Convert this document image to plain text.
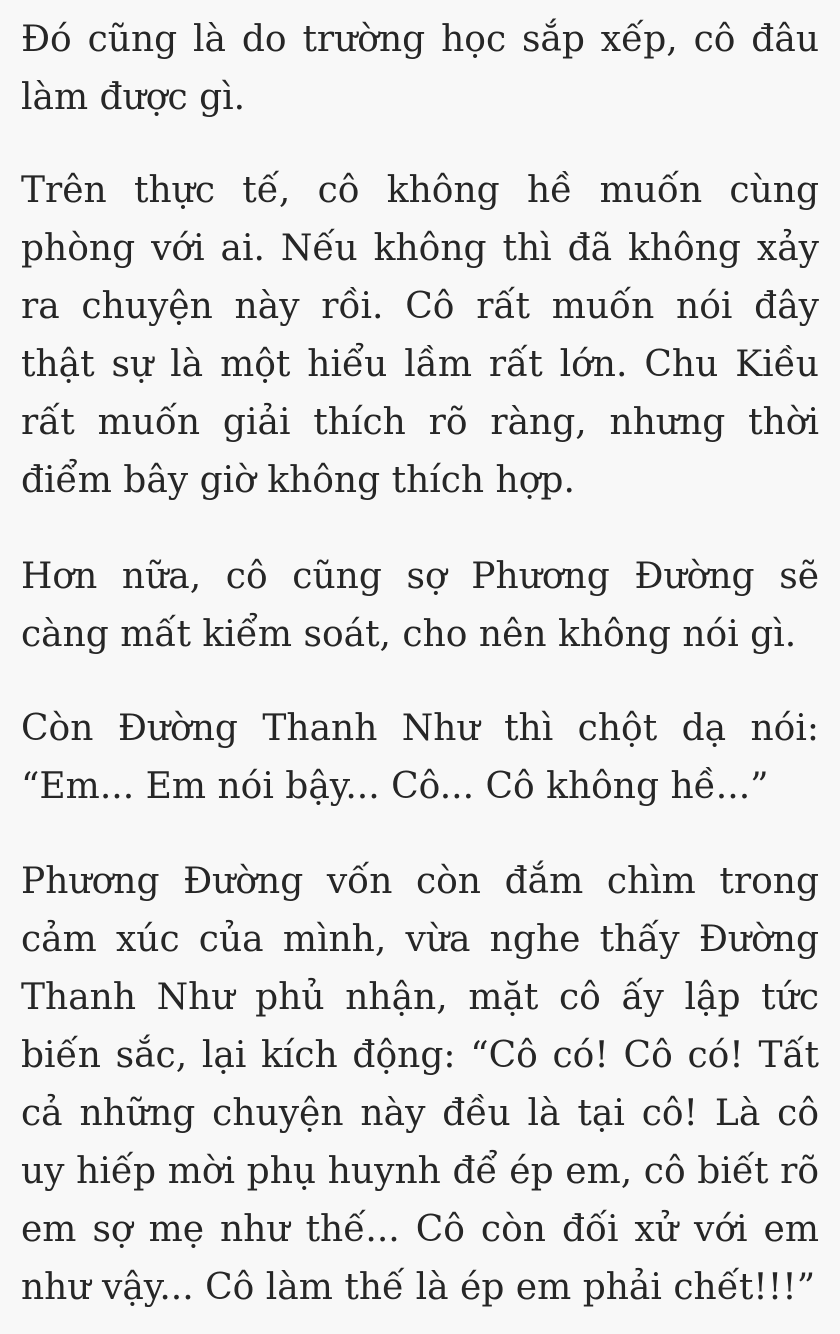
Đó cũng là do trường học sắp xếp, cô đâu làm được gì.

Trên thực tế, cô không hề muốn cùng phòng với ai. Nếu không thì đã không xảy ra chuyện này rồi. Cô rất muốn nói đây thật sự là một hiểu lầm rất lớn. Chu Kiều rất muốn giải thích rõ ràng, nhưng thời điểm bây giờ không thích hợp.

Hơn nữa, cô cũng sợ Phương Đường sẽ càng mất kiểm soát, cho nên không nói gì.

Còn Đường Thanh Như thì chột dạ nói: “Em... Em nói bậy... Cô... Cô không hề...”

Phương Đường vốn còn đắm chìm trong cảm xúc của mình, vừa nghe thấy Đường Thanh Như phủ nhận, mặt cô ấy lập tức biến sắc, lại kích động: “Cô có! Cô có! Tất cả những chuyện này đều là tại cô! Là cô uy hiếp mời phụ huynh để ép em, cô biết rõ em sợ mẹ như thế... Cô còn đối xử với em như vậy... Cô làm thế là ép em phải chết!!!”
